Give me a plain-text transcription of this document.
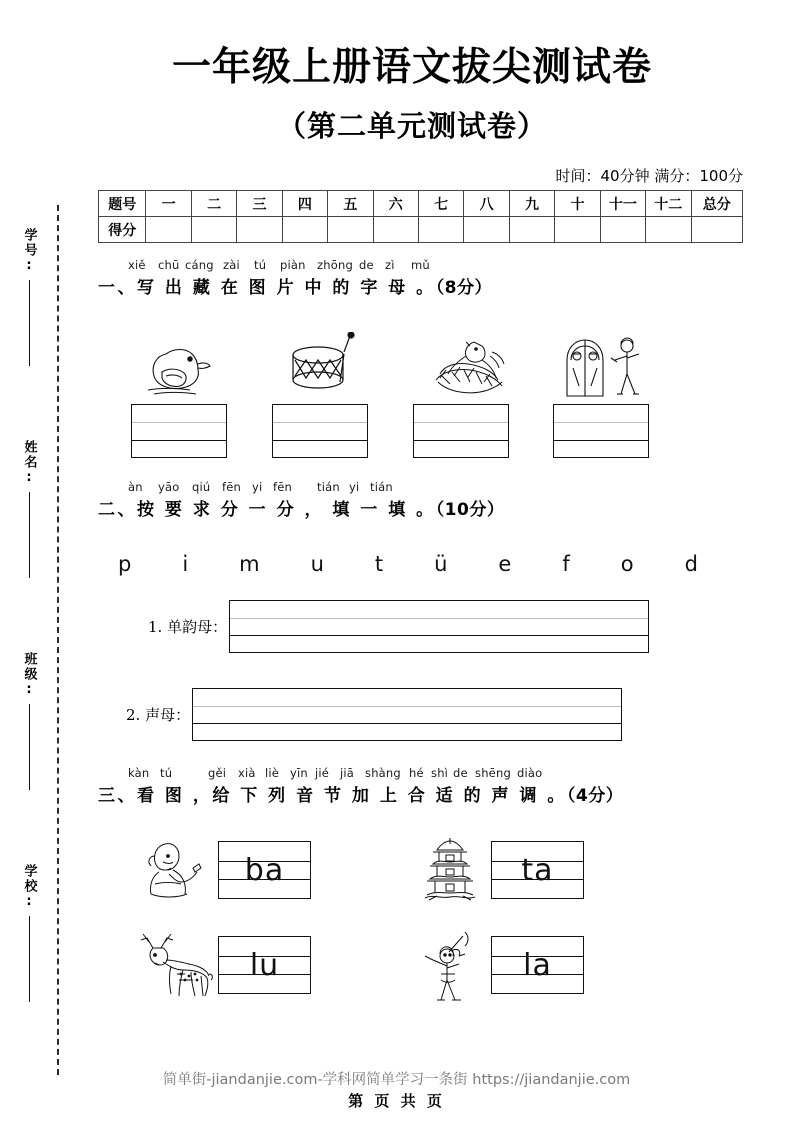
学号:
姓名:
班级:
学校:
一年级上册语文拔尖测试卷
（第二单元测试卷）
时间：40分钟 满分：100分
题号	一	二	三	四	五	六	七	八	九	十	十一	十二	总分
得分													
xiě chū cáng zài tú piàn zhōng de zì mǔ
一、写 出 藏 在 图 片 中 的 字 母 。（8分）
àn yāo qiú fēn yi fēn tián yi tián
二、按 要 求 分 一 分 ， 填 一 填 。（10分）
p i m u t ü e f o d
1. 单韵母：
2. 声母：
kàn tú	gěi xià liè yīn jié jiā shàng hé shì de shēng diào
三、看 图 ，给 下 列 音 节 加 上 合 适 的 声 调 。（4分）
ba	ta
lu	la
简单街-jiandanjie.com-学科网简单学习一条街 https://jiandanjie.com
第 页 共 页
